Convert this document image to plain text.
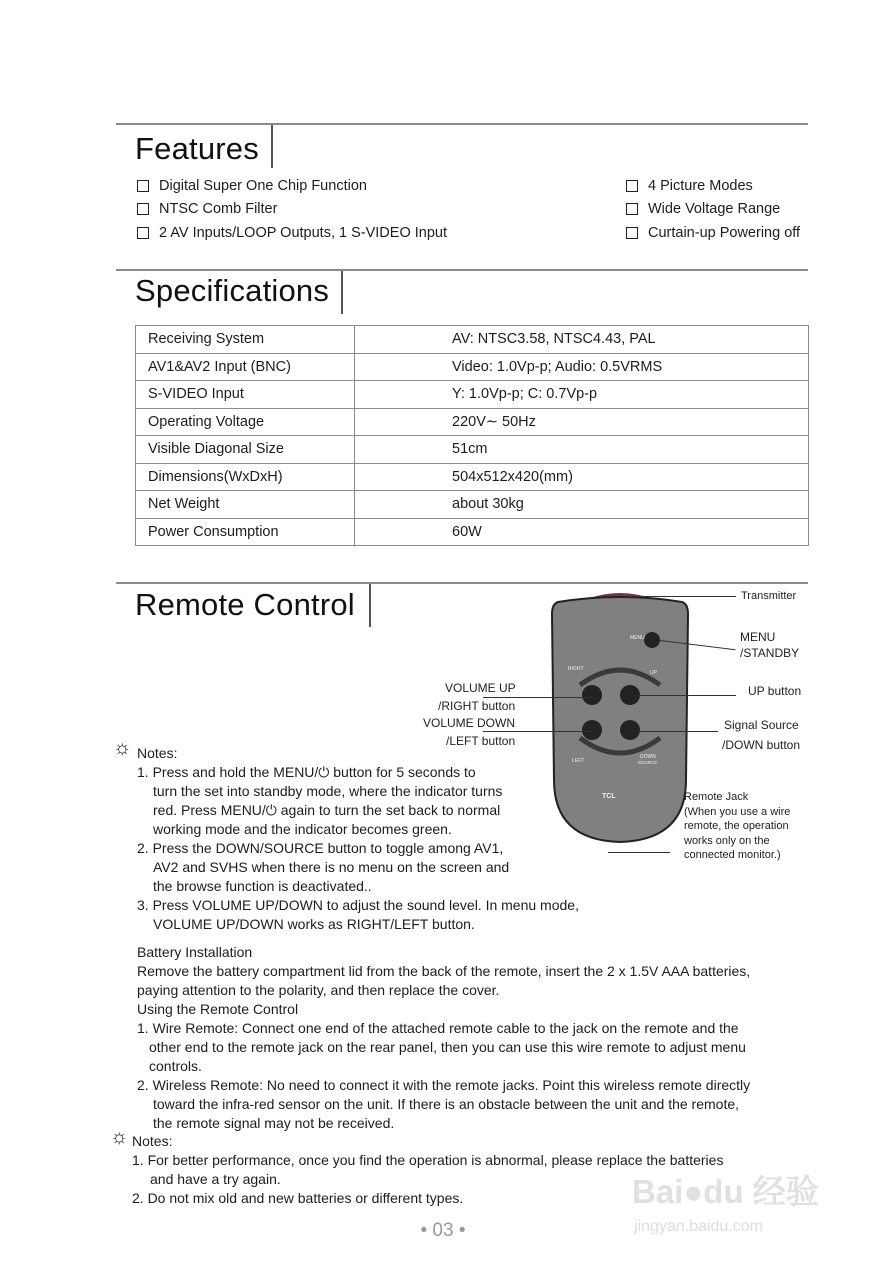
Features
Digital Super One Chip Function
NTSC Comb Filter
2 AV Inputs/LOOP Outputs, 1 S-VIDEO Input
4 Picture Modes
Wide Voltage Range
Curtain-up Powering off
Specifications
Receiving System	AV: NTSC3.58, NTSC4.43, PAL
AV1&AV2 Input (BNC)	Video: 1.0Vp-p; Audio: 0.5VRMS
S-VIDEO Input	Y: 1.0Vp-p; C: 0.7Vp-p
Operating Voltage	220V∼ 50Hz
Visible Diagonal Size	51cm
Dimensions(WxDxH)	504x512x420(mm)
Net Weight	about 30kg
Power Consumption	60W
Remote Control
MENU
RIGHT
UP
LEFT
DOWN
SOURCE
TCL
Transmitter
MENU
/STANDBY
UP button
Signal Source
/DOWN button
VOLUME UP
/RIGHT button
VOLUME DOWN
/LEFT button
Remote Jack
(When you use a wire
remote, the operation
works only on the
connected monitor.)
☼ Notes:
1. Press and hold the MENU/⏻ button for 5 seconds to
turn the set into standby mode, where the indicator turns
red. Press MENU/⏻ again to turn the set back to normal
working mode and the indicator becomes green.
2. Press the DOWN/SOURCE button to toggle among AV1,
AV2 and SVHS when there is no menu on the screen and
the browse function is deactivated..
3. Press VOLUME UP/DOWN to adjust the sound level. In menu mode,
VOLUME UP/DOWN works as RIGHT/LEFT button.
Battery Installation
Remove the battery compartment lid from the back of the remote, insert the 2 x 1.5V AAA batteries,
paying attention to the polarity, and then replace the cover.
Using the Remote Control
1. Wire Remote: Connect one end of the attached remote cable to the jack on the remote and the
other end to the remote jack on the rear panel, then you can use this wire remote to adjust menu
controls.
2. Wireless Remote: No need to connect it with the remote jacks. Point this wireless remote directly
toward the infra-red sensor on the unit. If there is an obstacle between the unit and the remote,
the remote signal may not be received.
☼ Notes:
1. For better performance, once you find the operation is abnormal, please replace the batteries
and have a try again.
2. Do not mix old and new batteries or different types.
• 03 •
Bai●du 经验
jingyan.baidu.com
